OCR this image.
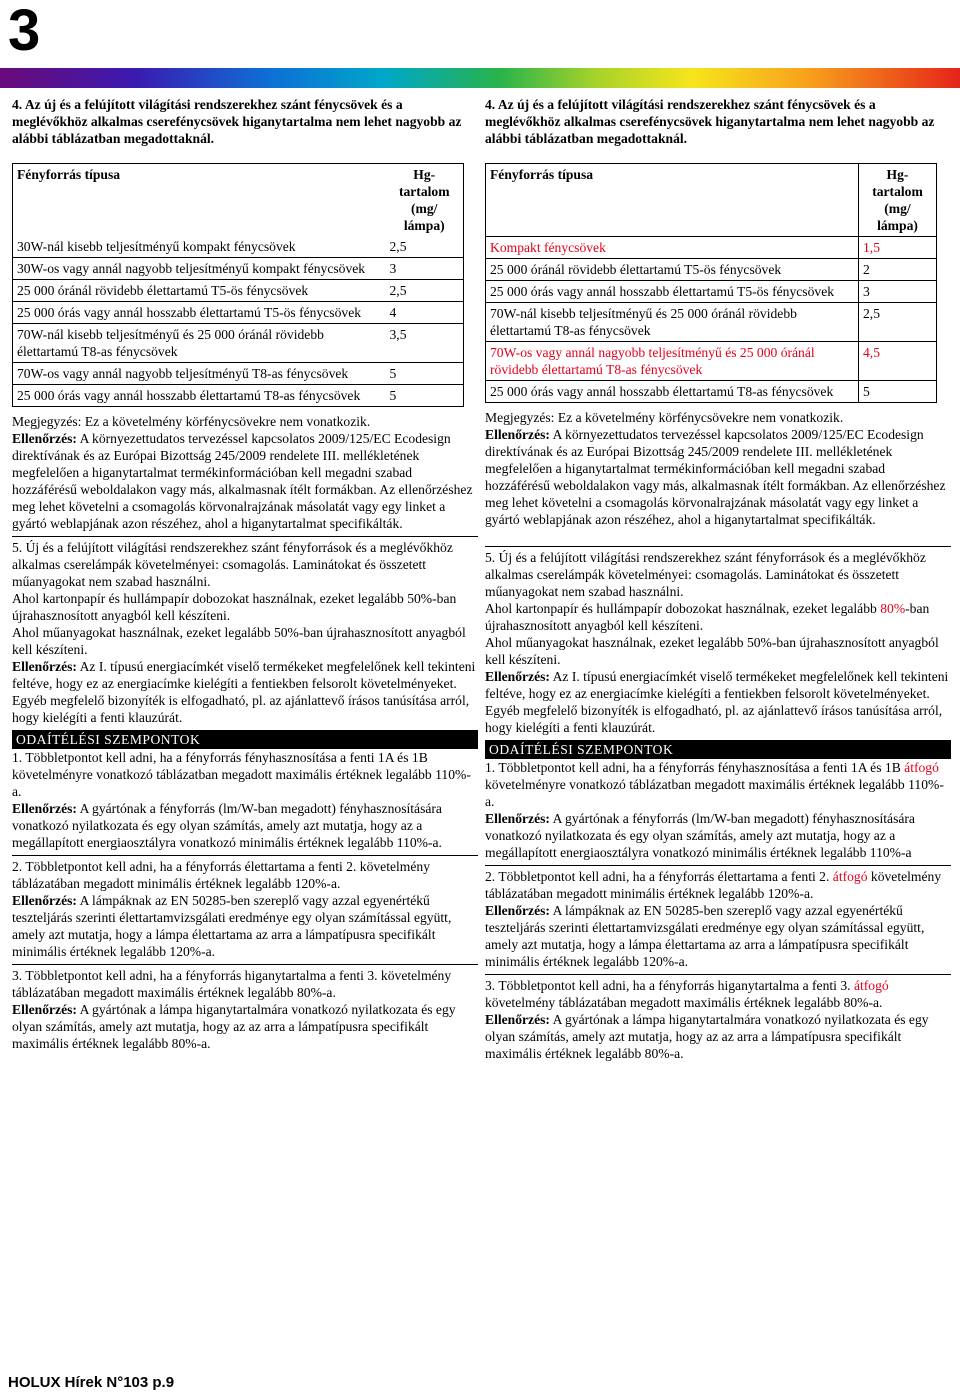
3

4. Az új és a felújított világítási rendszerekhez szánt fénycsövek és a meglévőkhöz alkalmas cserefénycsövek higanytartalma nem lehet nagyobb az alábbi táblázatban megadottaknál.

Fényforrás típusa	Hg-tartalom (mg/ lámpa)
30W-nál kisebb teljesítményű kompakt fénycsövek	2,5
30W-os vagy annál nagyobb teljesítményű kompakt fénycsövek	3
25 000 óránál rövidebb élettartamú T5-ös fénycsövek	2,5
25 000 órás vagy annál hosszabb élettartamú T5-ös fénycsövek	4
70W-nál kisebb teljesítményű és 25 000 óránál rövidebb élettartamú T8-as fénycsövek	3,5
70W-os vagy annál nagyobb teljesítményű T8-as fénycsövek	5
25 000 órás vagy annál hosszabb élettartamú T8-as fénycsövek	5

Megjegyzés: Ez a követelmény körfénycsövekre nem vonatkozik.

Ellenőrzés: A környezettudatos tervezéssel kapcsolatos 2009/125/EC Ecodesign direktívának és az Európai Bizottság 245/2009 rendelete III. mellékletének megfelelően a higanytartalmat termékinformációban kell megadni szabad hozzáférésű weboldalakon vagy más, alkalmasnak ítélt formákban. Az ellenőrzéshez meg lehet követelni a csomagolás körvonalrajzának másolatát vagy egy linket a gyártó weblapjának azon részéhez, ahol a higanytartalmat specifikálták.

5. Új és a felújított világítási rendszerekhez szánt fényforrások és a meglévőkhöz alkalmas cserelámpák követelményei: csomagolás. Laminátokat és összetett műanyagokat nem szabad használni.

Ahol kartonpapír és hullámpapír dobozokat használnak, ezeket legalább 50%-ban újrahasznosított anyagból kell készíteni.

Ahol műanyagokat használnak, ezeket legalább 50%-ban újrahasznosított anyagból kell készíteni.

Ellenőrzés: Az I. típusú energiacímkét viselő termékeket megfelelőnek kell tekinteni feltéve, hogy ez az energiacímke kielégíti a fentiekben felsorolt követelményeket. Egyéb megfelelő bizonyíték is elfogadható, pl. az ajánlattevő írásos tanúsítása arról, hogy kielégíti a fenti klauzúrát.

ODAÍTÉLÉSI SZEMPONTOK

1. Többletpontot kell adni, ha a fényforrás fényhasznosítása a fenti 1A és 1B követelményre vonatkozó táblázatban megadott maximális értéknek legalább 110%-a.

Ellenőrzés: A gyártónak a fényforrás (lm/W-ban megadott) fényhasznosítására vonatkozó nyilatkozata és egy olyan számítás, amely azt mutatja, hogy az a megállapított energiaosztályra vonatkozó minimális értéknek legalább 110%-a.

2. Többletpontot kell adni, ha a fényforrás élettartama a fenti 2. követelmény táblázatában megadott minimális értéknek legalább 120%-a.

Ellenőrzés: A lámpáknak az EN 50285-ben szereplő vagy azzal egyenértékű teszteljárás szerinti élettartamvizsgálati eredménye egy olyan számítással együtt, amely azt mutatja, hogy a lámpa élettartama az arra a lámpatípusra specifikált minimális értéknek legalább 120%-a.

3. Többletpontot kell adni, ha a fényforrás higanytartalma a fenti 3. követelmény táblázatában megadott maximális értéknek legalább 80%-a.

Ellenőrzés: A gyártónak a lámpa higanytartalmára vonatkozó nyilatkozata és egy olyan számítás, amely azt mutatja, hogy az az arra a lámpatípusra specifikált maximális értéknek legalább 80%-a.

4. Az új és a felújított világítási rendszerekhez szánt fénycsövek és a meglévőkhöz alkalmas cserefénycsövek higanytartalma nem lehet nagyobb az alábbi táblázatban megadottaknál.

Fényforrás típusa	Hg-tartalom (mg/ lámpa)
Kompakt fénycsövek	1,5
25 000 óránál rövidebb élettartamú T5-ös fénycsövek	2
25 000 órás vagy annál hosszabb élettartamú T5-ös fénycsövek	3
70W-nál kisebb teljesítményű és 25 000 óránál rövidebb élettartamú T8-as fénycsövek	2,5
70W-os vagy annál nagyobb teljesítményű és 25 000 óránál rövidebb élettartamú T8-as fénycsövek	4,5
25 000 órás vagy annál hosszabb élettartamú T8-as fénycsövek	5

Megjegyzés: Ez a követelmény körfénycsövekre nem vonatkozik.

Ellenőrzés: A környezettudatos tervezéssel kapcsolatos 2009/125/EC Ecodesign direktívának és az Európai Bizottság 245/2009 rendelete III. mellékletének megfelelően a higanytartalmat termékinformációban kell megadni szabad hozzáférésű weboldalakon vagy más, alkalmasnak ítélt formákban. Az ellenőrzéshez meg lehet követelni a csomagolás körvonalrajzának másolatát vagy egy linket a gyártó weblapjának azon részéhez, ahol a higanytartalmat specifikálták.

5. Új és a felújított világítási rendszerekhez szánt fényforrások és a meglévőkhöz alkalmas cserelámpák követelményei: csomagolás. Laminátokat és összetett műanyagokat nem szabad használni.

Ahol kartonpapír és hullámpapír dobozokat használnak, ezeket legalább 80%-ban újrahasznosított anyagból kell készíteni.

Ahol műanyagokat használnak, ezeket legalább 50%-ban újrahasznosított anyagból kell készíteni.

Ellenőrzés: Az I. típusú energiacímkét viselő termékeket megfelelőnek kell tekinteni feltéve, hogy ez az energiacímke kielégíti a fentiekben felsorolt követelményeket. Egyéb megfelelő bizonyíték is elfogadható, pl. az ajánlattevő írásos tanúsítása arról, hogy kielégíti a fenti klauzúrát.

ODAÍTÉLÉSI SZEMPONTOK

1. Többletpontot kell adni, ha a fényforrás fényhasznosítása a fenti 1A és 1B átfogó követelményre vonatkozó táblázatban megadott maximális értéknek legalább 110%-a.

Ellenőrzés: A gyártónak a fényforrás (lm/W-ban megadott) fényhasznosítására vonatkozó nyilatkozata és egy olyan számítás, amely azt mutatja, hogy az a megállapított energiaosztályra vonatkozó minimális értéknek legalább 110%-a

2. Többletpontot kell adni, ha a fényforrás élettartama a fenti 2. átfogó követelmény táblázatában megadott minimális értéknek legalább 120%-a.

Ellenőrzés: A lámpáknak az EN 50285-ben szereplő vagy azzal egyenértékű teszteljárás szerinti élettartamvizsgálati eredménye egy olyan számítással együtt, amely azt mutatja, hogy a lámpa élettartama az arra a lámpatípusra specifikált minimális értéknek legalább 120%-a.

3. Többletpontot kell adni, ha a fényforrás higanytartalma a fenti 3. átfogó követelmény táblázatában megadott maximális értéknek legalább 80%-a.

Ellenőrzés: A gyártónak a lámpa higanytartalmára vonatkozó nyilatkozata és egy olyan számítás, amely azt mutatja, hogy az az arra a lámpatípusra specifikált maximális értéknek legalább 80%-a.

HOLUX Hírek N°103 p.9
